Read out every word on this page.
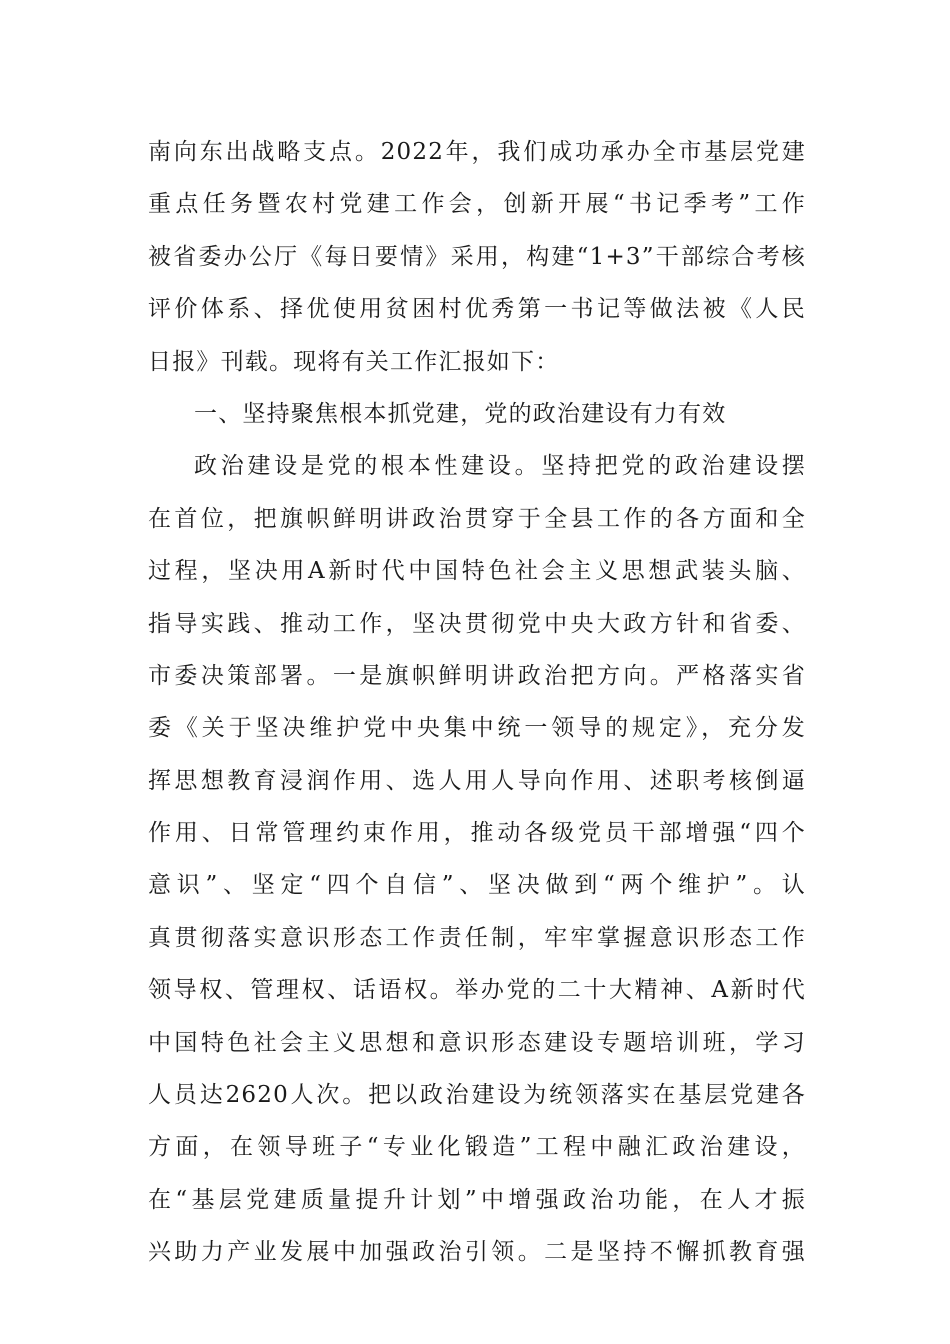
南向东出战略支点。2022年，我们成功承办全市基层党建
重点任务暨农村党建工作会，创新开展“书记季考”工作
被省委办公厅《每日要情》采用，构建“1+3”干部综合考核
评价体系、择优使用贫困村优秀第一书记等做法被《人民
日报》刊载。现将有关工作汇报如下：
一、坚持聚焦根本抓党建，党的政治建设有力有效
政治建设是党的根本性建设。坚持把党的政治建设摆
在首位，把旗帜鲜明讲政治贯穿于全县工作的各方面和全
过程，坚决用A新时代中国特色社会主义思想武装头脑、
指导实践、推动工作，坚决贯彻党中央大政方针和省委、
市委决策部署。一是旗帜鲜明讲政治把方向。严格落实省
委《关于坚决维护党中央集中统一领导的规定》，充分发
挥思想教育浸润作用、选人用人导向作用、述职考核倒逼
作用、日常管理约束作用，推动各级党员干部增强“四个
意识”、坚定“四个自信”、坚决做到“两个维护”。认
真贯彻落实意识形态工作责任制，牢牢掌握意识形态工作
领导权、管理权、话语权。举办党的二十大精神、A新时代
中国特色社会主义思想和意识形态建设专题培训班，学习
人员达2620人次。把以政治建设为统领落实在基层党建各
方面，在领导班子“专业化锻造”工程中融汇政治建设，
在“基层党建质量提升计划”中增强政治功能，在人才振
兴助力产业发展中加强政治引领。二是坚持不懈抓教育强
